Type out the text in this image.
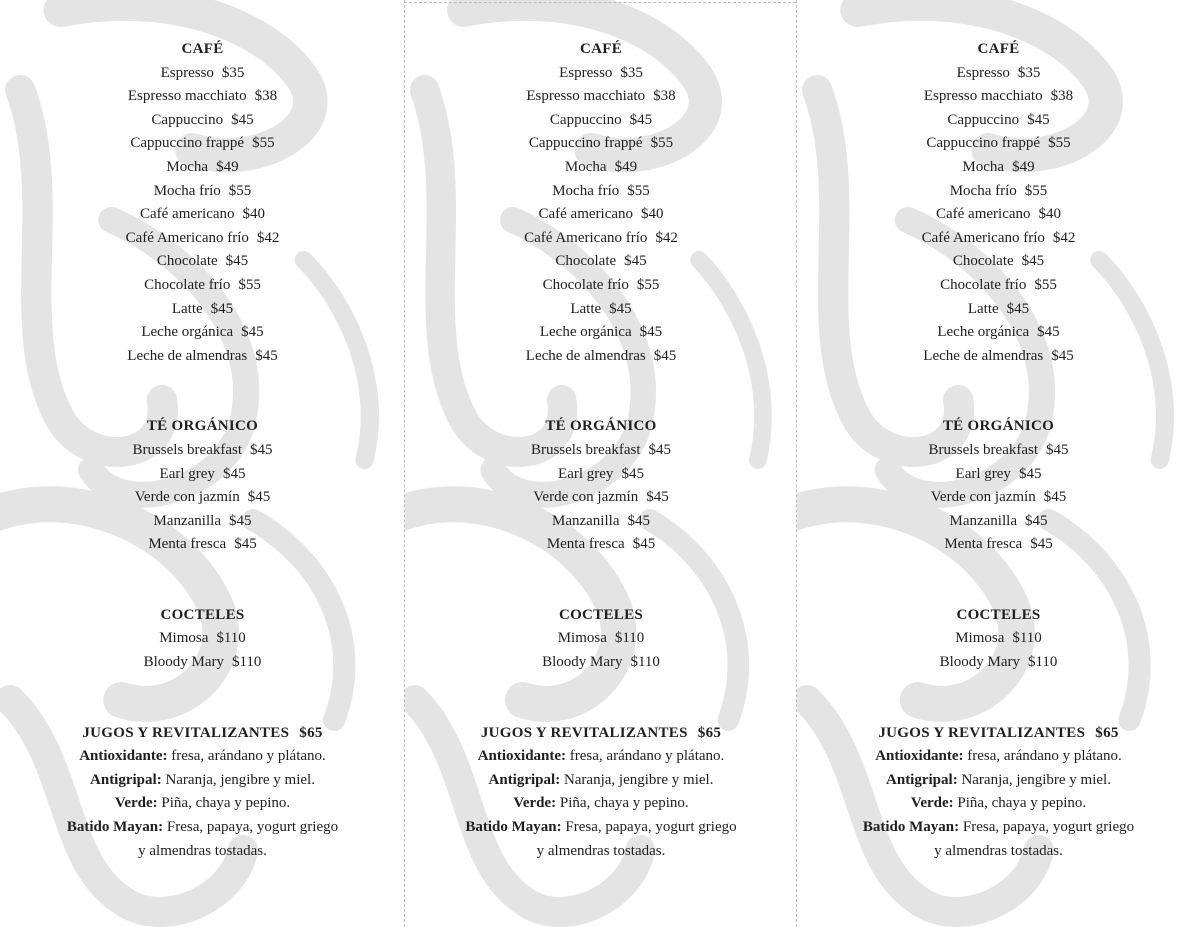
CAFÉ
Espresso $35
Espresso macchiato $38
Cappuccino $45
Cappuccino frappé $55
Mocha $49
Mocha frío $55
Café americano $40
Café Americano frío $42
Chocolate $45
Chocolate frío $55
Latte $45
Leche orgánica $45
Leche de almendras $45
TÉ ORGÁNICO
Brussels breakfast $45
Earl grey $45
Verde con jazmín $45
Manzanilla $45
Menta fresca $45
COCTELES
Mimosa $110
Bloody Mary $110
JUGOS Y REVITALIZANTES $65
Antioxidante: fresa, arándano y plátano.
Antigripal: Naranja, jengibre y miel.
Verde: Piña, chaya y pepino.
Batido Mayan: Fresa, papaya, yogurt griego
y almendras tostadas.
CAFÉ
Espresso $35
Espresso macchiato $38
Cappuccino $45
Cappuccino frappé $55
Mocha $49
Mocha frío $55
Café americano $40
Café Americano frío $42
Chocolate $45
Chocolate frío $55
Latte $45
Leche orgánica $45
Leche de almendras $45
TÉ ORGÁNICO
Brussels breakfast $45
Earl grey $45
Verde con jazmín $45
Manzanilla $45
Menta fresca $45
COCTELES
Mimosa $110
Bloody Mary $110
JUGOS Y REVITALIZANTES $65
Antioxidante: fresa, arándano y plátano.
Antigripal: Naranja, jengibre y miel.
Verde: Piña, chaya y pepino.
Batido Mayan: Fresa, papaya, yogurt griego
y almendras tostadas.
CAFÉ
Espresso $35
Espresso macchiato $38
Cappuccino $45
Cappuccino frappé $55
Mocha $49
Mocha frío $55
Café americano $40
Café Americano frío $42
Chocolate $45
Chocolate frío $55
Latte $45
Leche orgánica $45
Leche de almendras $45
TÉ ORGÁNICO
Brussels breakfast $45
Earl grey $45
Verde con jazmín $45
Manzanilla $45
Menta fresca $45
COCTELES
Mimosa $110
Bloody Mary $110
JUGOS Y REVITALIZANTES $65
Antioxidante: fresa, arándano y plátano.
Antigripal: Naranja, jengibre y miel.
Verde: Piña, chaya y pepino.
Batido Mayan: Fresa, papaya, yogurt griego
y almendras tostadas.
